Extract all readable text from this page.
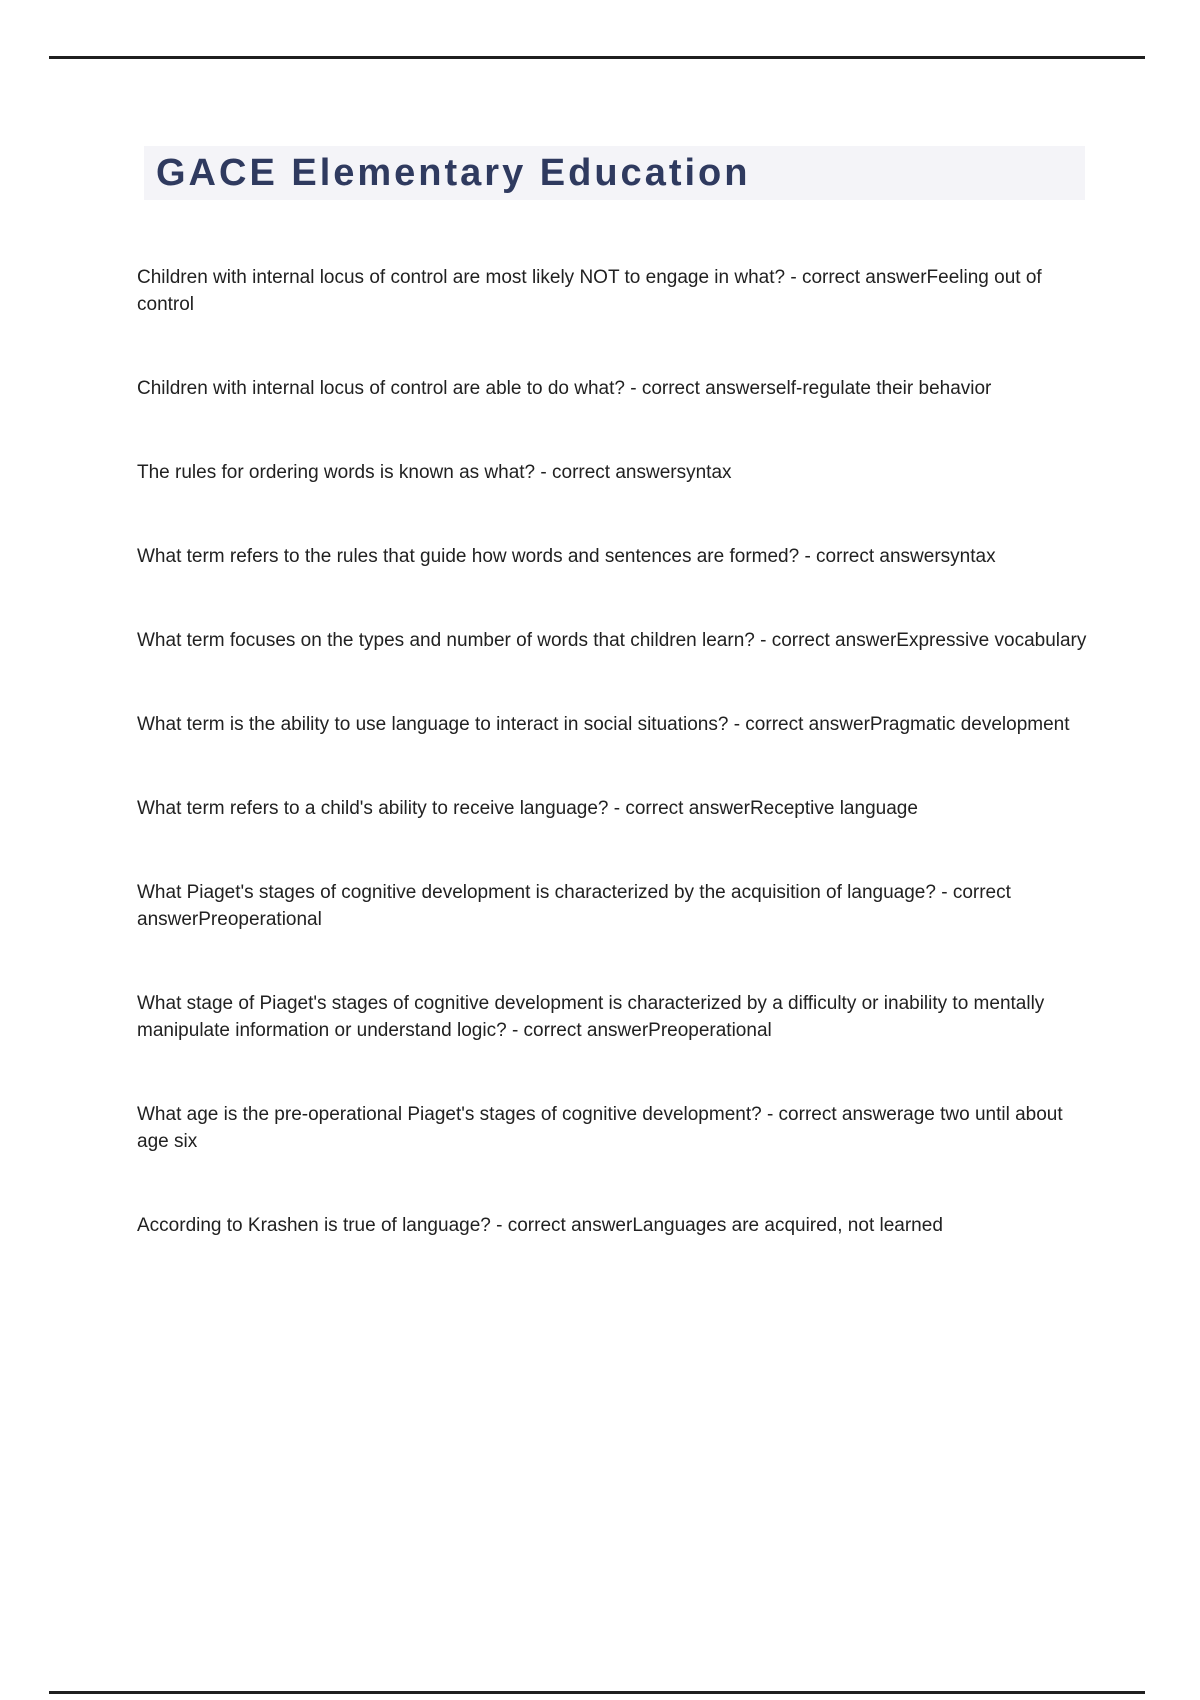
GACE Elementary Education

Children with internal locus of control are most likely NOT to engage in what? - correct answerFeeling out of control

Children with internal locus of control are able to do what? - correct answerself-regulate their behavior

The rules for ordering words is known as what? - correct answersyntax

What term refers to the rules that guide how words and sentences are formed? - correct answersyntax

What term focuses on the types and number of words that children learn? - correct answerExpressive vocabulary

What term is the ability to use language to interact in social situations? - correct answerPragmatic development

What term refers to a child's ability to receive language? - correct answerReceptive language

What Piaget's stages of cognitive development is characterized by the acquisition of language? - correct answerPreoperational

What stage of Piaget's stages of cognitive development is characterized by a difficulty or inability to mentally manipulate information or understand logic? - correct answerPreoperational

What age is the pre-operational Piaget's stages of cognitive development? - correct answerage two until about age six

According to Krashen is true of language? - correct answerLanguages are acquired, not learned
